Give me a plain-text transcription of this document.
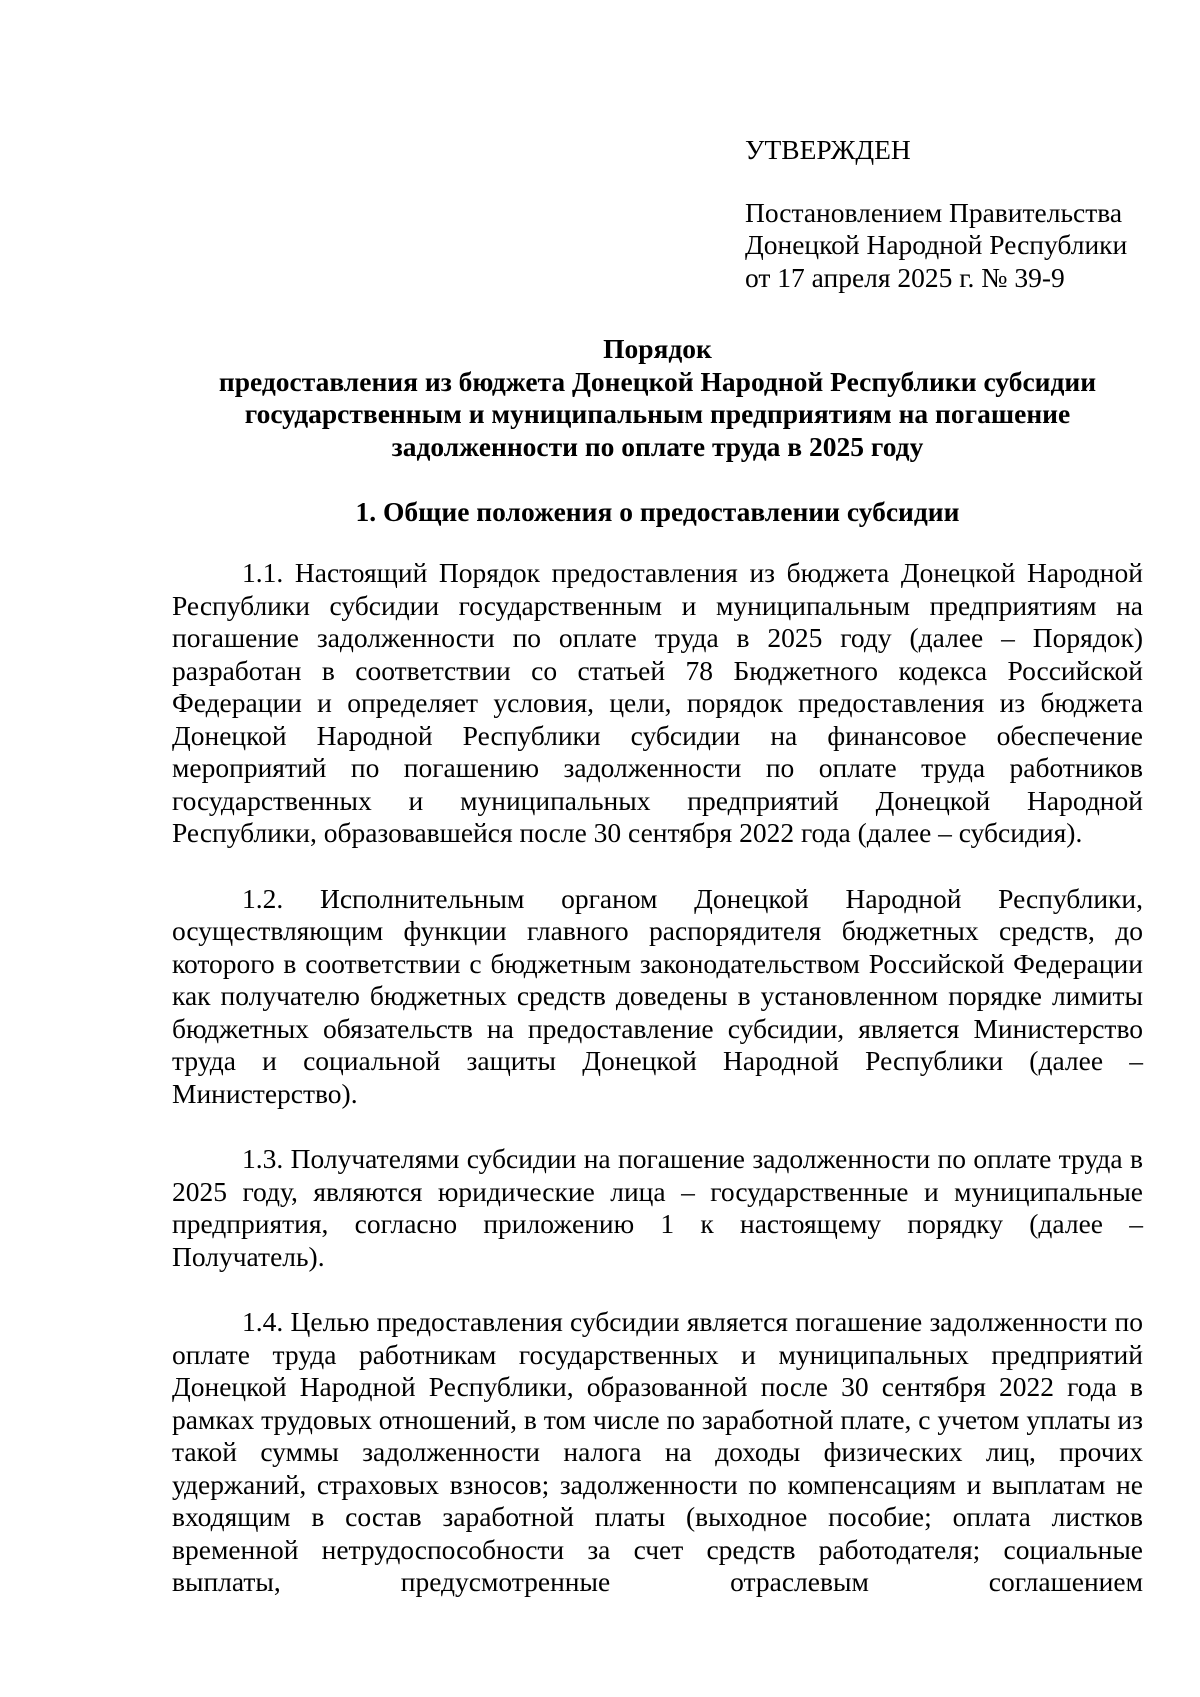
УТВЕРЖДЕН
Постановлением Правительства
Донецкой Народной Республики
от 17 апреля 2025 г. № 39-9
Порядок
предоставления из бюджета Донецкой Народной Республики субсидии
государственным и муниципальным предприятиям на погашение
задолженности по оплате труда в 2025 году
1. Общие положения о предоставлении субсидии

1.1. Настоящий Порядок предоставления из бюджета Донецкой Народной Республики субсидии государственным и муниципальным предприятиям на погашение задолженности по оплате труда в 2025 году (далее – Порядок) разработан в соответствии со статьей 78 Бюджетного кодекса Российской Федерации и определяет условия, цели, порядок предоставления из бюджета Донецкой Народной Республики субсидии на финансовое обеспечение мероприятий по погашению задолженности по оплате труда работников государственных и муниципальных предприятий Донецкой Народной Республики, образовавшейся после 30 сентября 2022 года (далее – субсидия).

1.2. Исполнительным органом Донецкой Народной Республики, осуществляющим функции главного распорядителя бюджетных средств, до которого в соответствии с бюджетным законодательством Российской Федерации как получателю бюджетных средств доведены в установленном порядке лимиты бюджетных обязательств на предоставление субсидии, является Министерство труда и социальной защиты Донецкой Народной Республики (далее – Министерство).

1.3. Получателями субсидии на погашение задолженности по оплате труда в 2025 году, являются юридические лица – государственные и муниципальные предприятия, согласно приложению 1 к настоящему порядку (далее – Получатель).

1.4. Целью предоставления субсидии является погашение задолженности по оплате труда работникам государственных и муниципальных предприятий Донецкой Народной Республики, образованной после 30 сентября 2022 года в рамках трудовых отношений, в том числе по заработной плате, с учетом уплаты из такой суммы задолженности налога на доходы физических лиц, прочих удержаний, страховых взносов; задолженности по компенсациям и выплатам не входящим в состав заработной платы (выходное пособие; оплата листков временной нетрудоспособности за счет средств работодателя; социальные выплаты, предусмотренные отраслевым соглашением
